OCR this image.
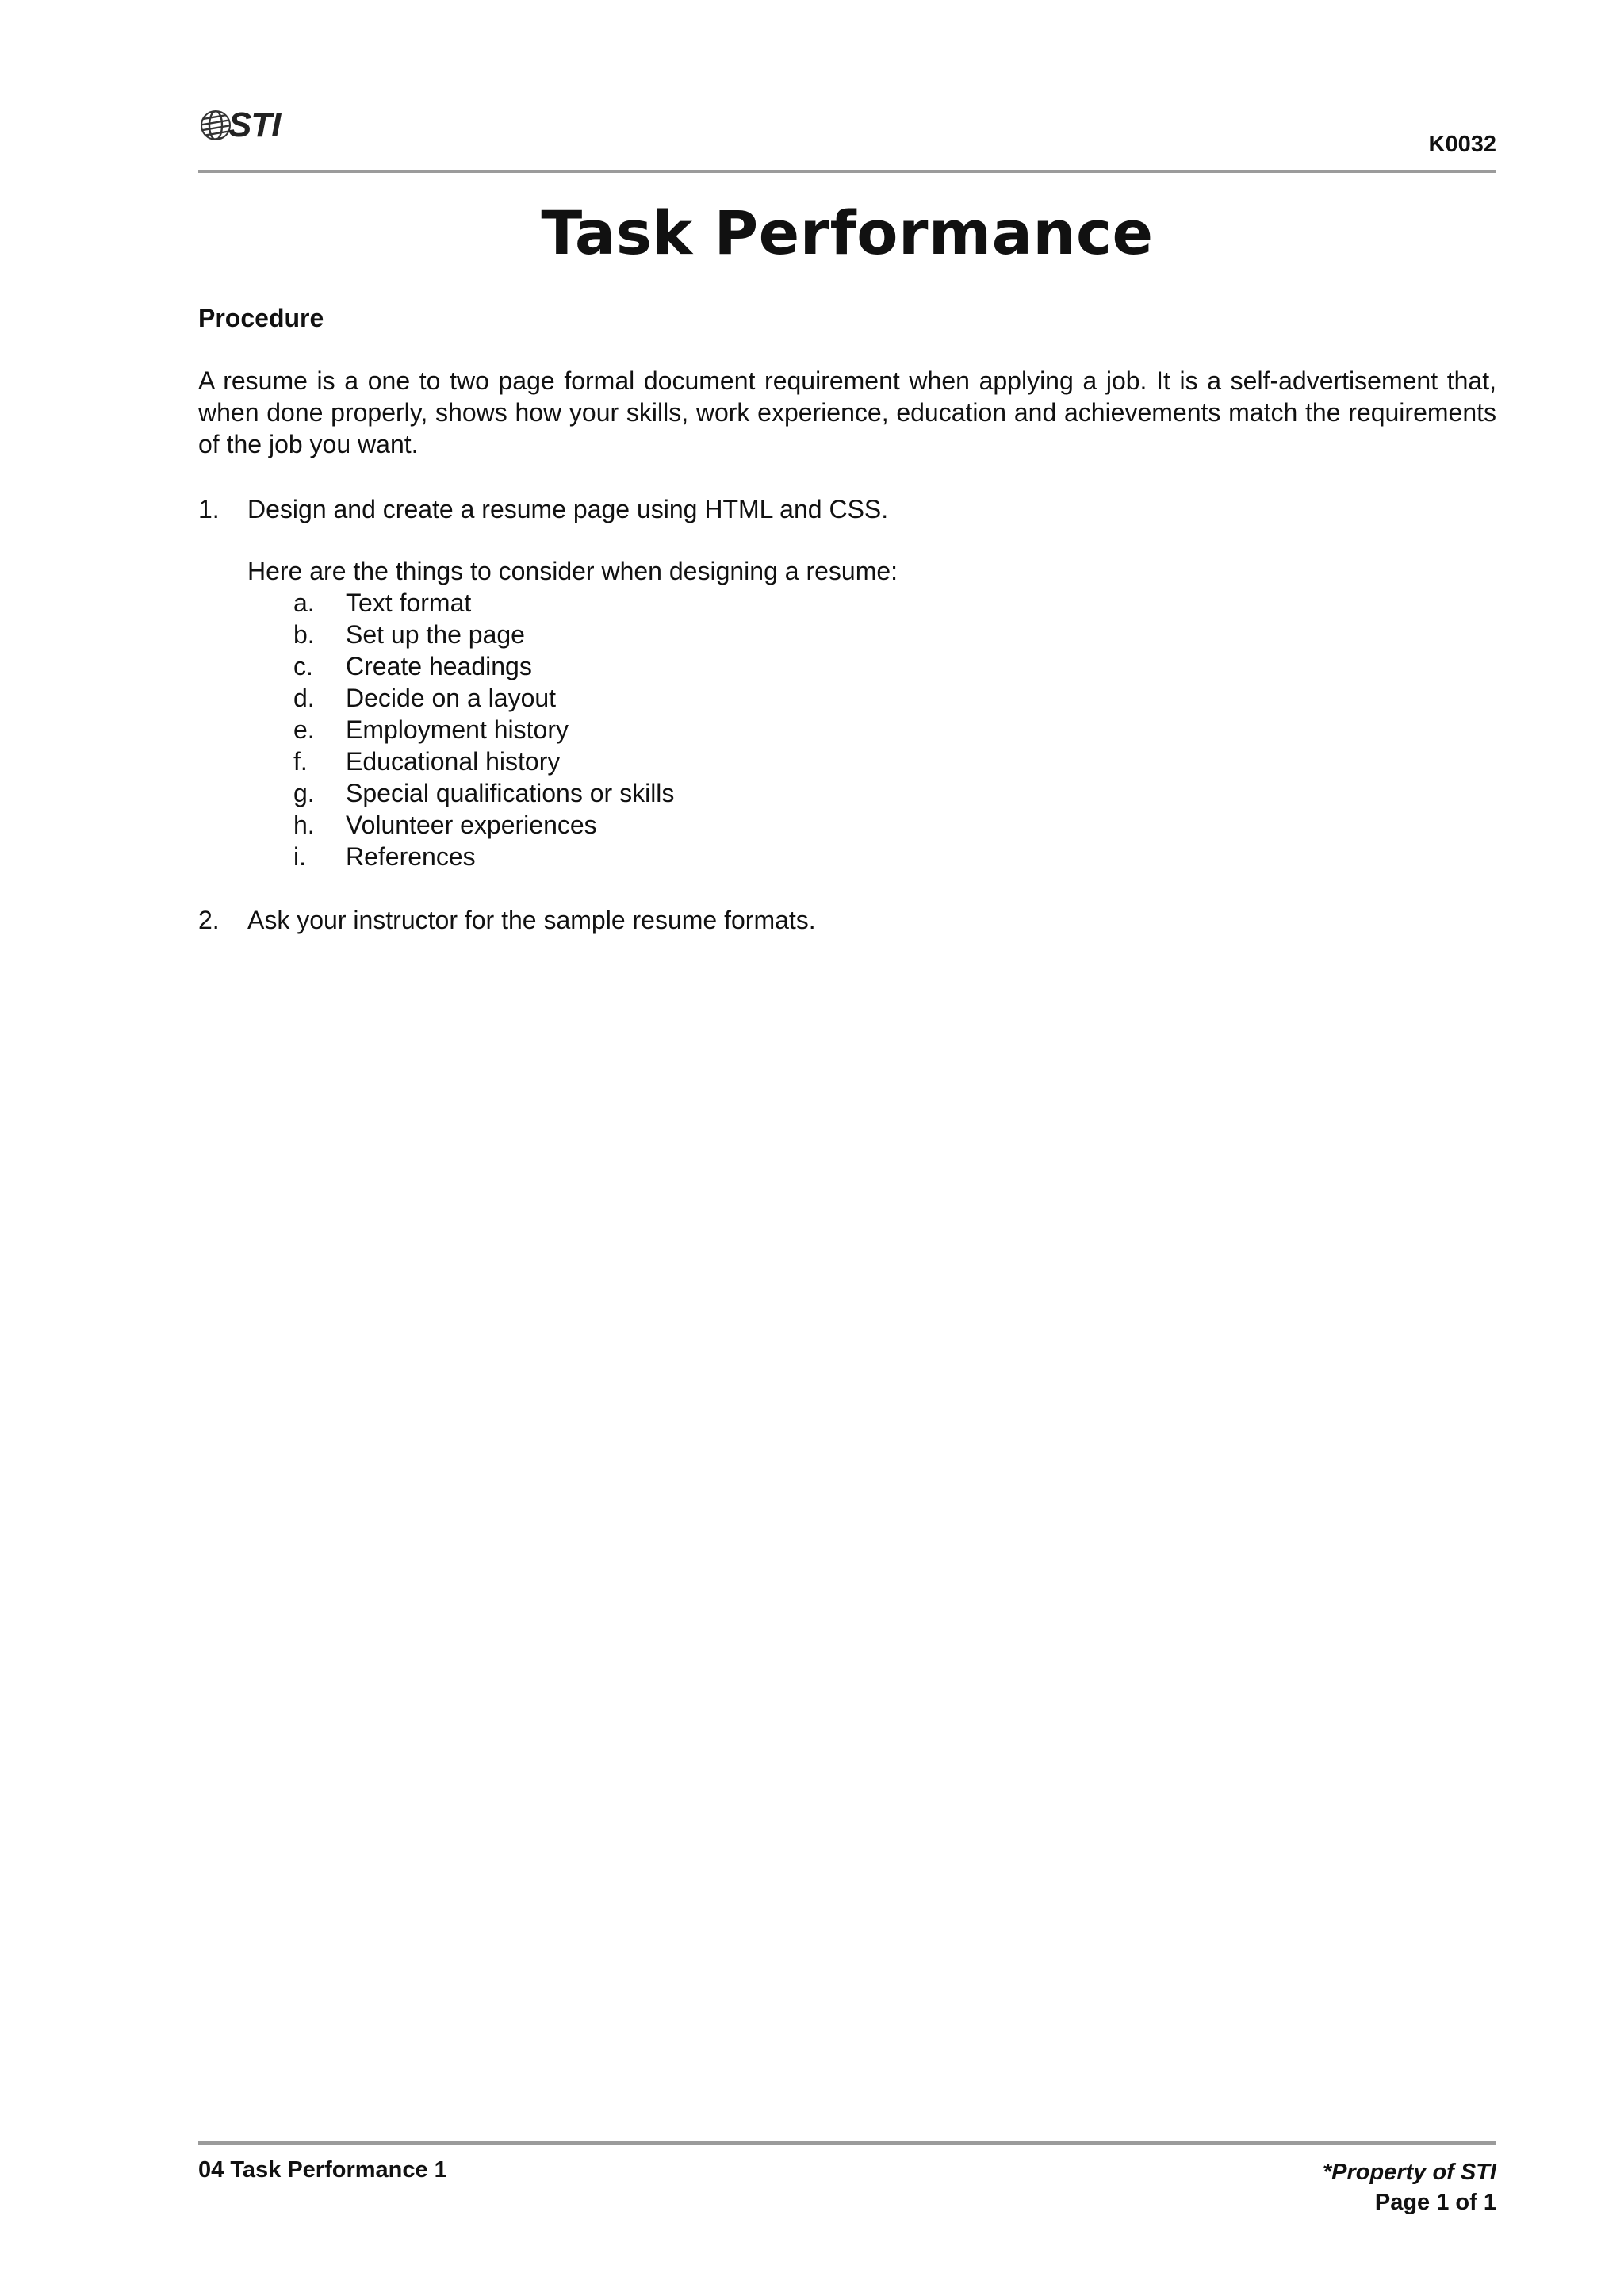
STI	K0032
Task Performance
Procedure

A resume is a one to two page formal document requirement when applying a job. It is a self-advertisement that, when done properly, shows how your skills, work experience, education and achievements match the requirements of the job you want.

1.	Design and create a resume page using HTML and CSS.
Here are the things to consider when designing a resume:
a.	Text format
b.	Set up the page
c.	Create headings
d.	Decide on a layout
e.	Employment history
f.	Educational history
g.	Special qualifications or skills
h.	Volunteer experiences
i.	References
2.	Ask your instructor for the sample resume formats.
04 Task Performance 1	*Property of STI
Page 1 of 1
